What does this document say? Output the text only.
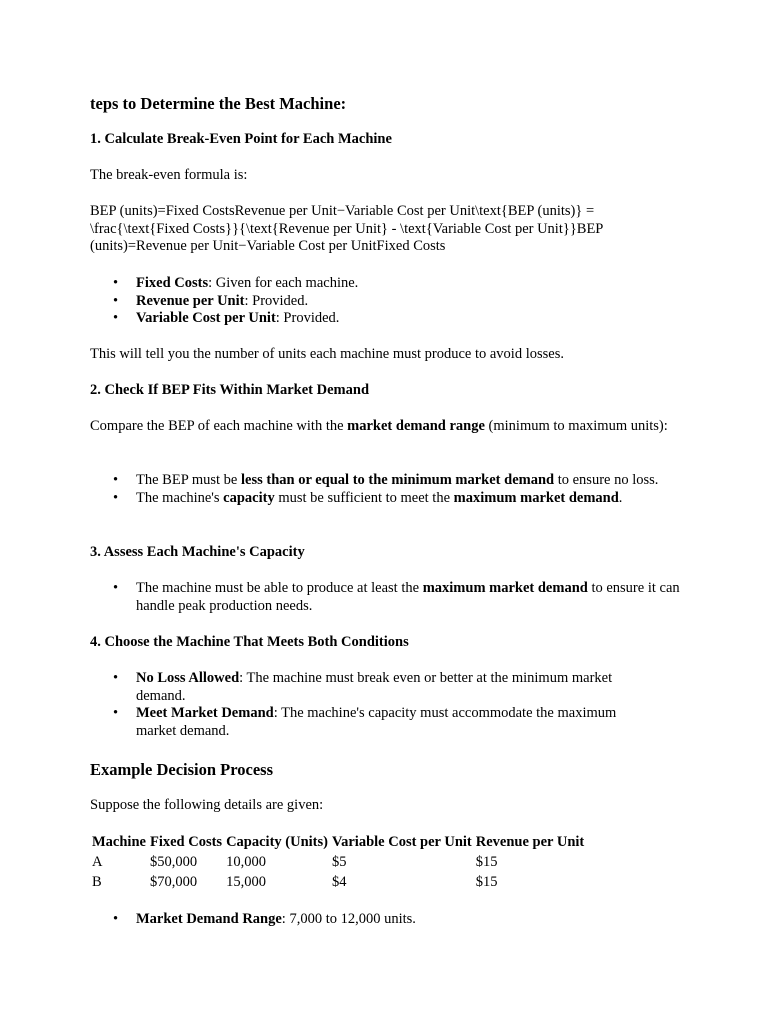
teps to Determine the Best Machine:
1. Calculate Break-Even Point for Each Machine

The break-even formula is:

BEP (units)=Fixed CostsRevenue per Unit−Variable Cost per Unit\text{BEP (units)} = \frac{\text{Fixed Costs}}{\text{Revenue per Unit} - \text{Variable Cost per Unit}}BEP (units)=Revenue per Unit−Variable Cost per UnitFixed Costs

• Fixed Costs: Given for each machine.
• Revenue per Unit: Provided.
• Variable Cost per Unit: Provided.

This will tell you the number of units each machine must produce to avoid losses.

2. Check If BEP Fits Within Market Demand

Compare the BEP of each machine with the market demand range (minimum to maximum units):

• The BEP must be less than or equal to the minimum market demand to ensure no loss.
• The machine's capacity must be sufficient to meet the maximum market demand.
3. Assess Each Machine's Capacity
• The machine must be able to produce at least the maximum market demand to ensure it can handle peak production needs.
4. Choose the Machine That Meets Both Conditions
• No Loss Allowed: The machine must break even or better at the minimum market demand.
• Meet Market Demand: The machine's capacity must accommodate the maximum market demand.
Example Decision Process

Suppose the following details are given:

Machine	Fixed Costs	Capacity (Units)	Variable Cost per Unit	Revenue per Unit
A	$50,000	10,000	$5	$15
B	$70,000	15,000	$4	$15
• Market Demand Range: 7,000 to 12,000 units.
